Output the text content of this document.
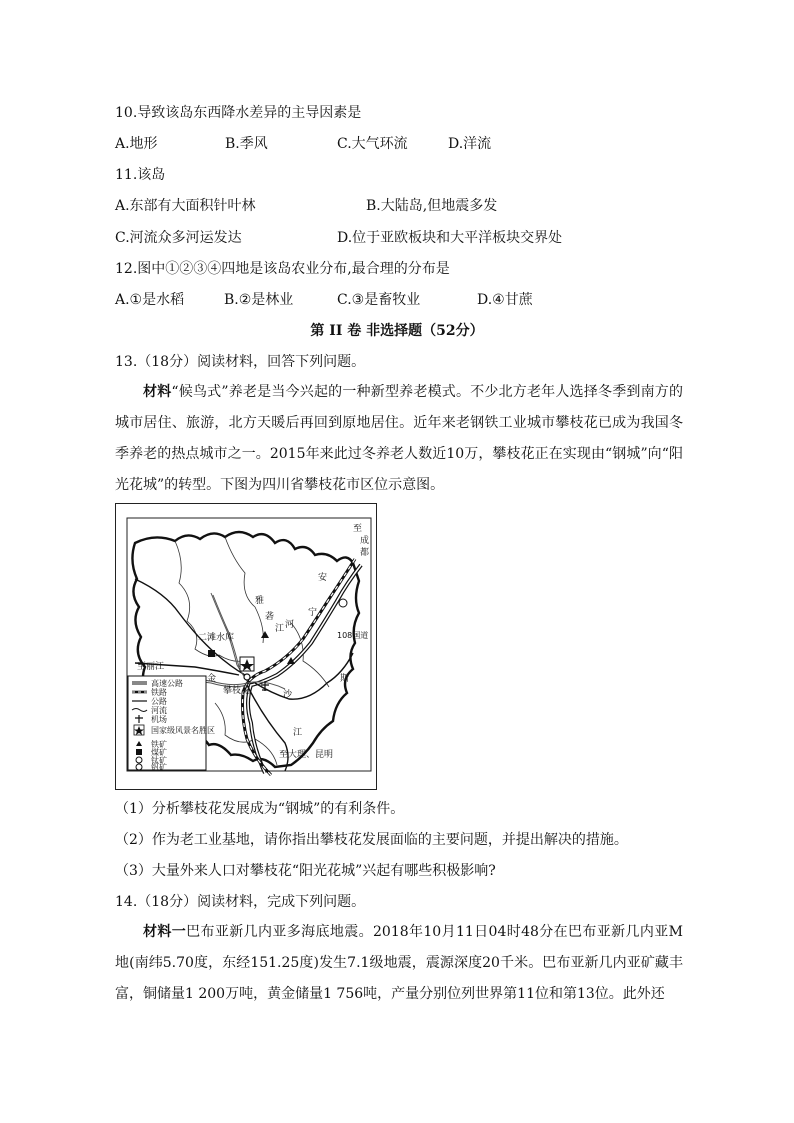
10.导致该岛东西降水差异的主导因素是
A.地形	B.季风	C.大气环流	D.洋流
11.该岛
A.东部有大面积针叶林	B.大陆岛,但地震多发
C.河流众多河运发达	D.位于亚欧板块和大平洋板块交界处
12.图中①②③④四地是该岛农业分布,最合理的分布是
A.①是水稻	B.②是林业	C.③是畜牧业	D.④甘蔗
第 II 卷 非选择题（52分）
13.（18分）阅读材料，回答下列问题。
材料“候鸟式”养老是当今兴起的一种新型养老模式。不少北方老年人选择冬季到南方的城市居住、旅游，北方天暖后再回到原地居住。近年来老钢铁工业城市攀枝花已成为我国冬季养老的热点城市之一。2015年来此过冬养老人数近10万，攀枝花正在实现由“钢城”向“阳光花城”的转型。下图为四川省攀枝花市区位示意图。
至
成
都
安
宁
河
雅
砻
江
二滩水库	108国道
至丽江
金
攀枝花	沙
江
斯
至大理、昆明
高速公路
铁路
公路
河流
机场
国家级风景名胜区
铁矿
煤矿
钛矿
钒矿
（1）分析攀枝花发展成为“钢城”的有利条件。
（2）作为老工业基地，请你指出攀枝花发展面临的主要问题，并提出解决的措施。
（3）大量外来人口对攀枝花“阳光花城”兴起有哪些积极影响?
14.（18分）阅读材料，完成下列问题。
材料一巴布亚新几内亚多海底地震。2018年10月11日04时48分在巴布亚新几内亚M地(南纬5.70度，东经151.25度)发生7.1级地震，震源深度20千米。巴布亚新几内亚矿藏丰富，铜储量1 200万吨，黄金储量1 756吨，产量分别位列世界第11位和第13位。此外还
